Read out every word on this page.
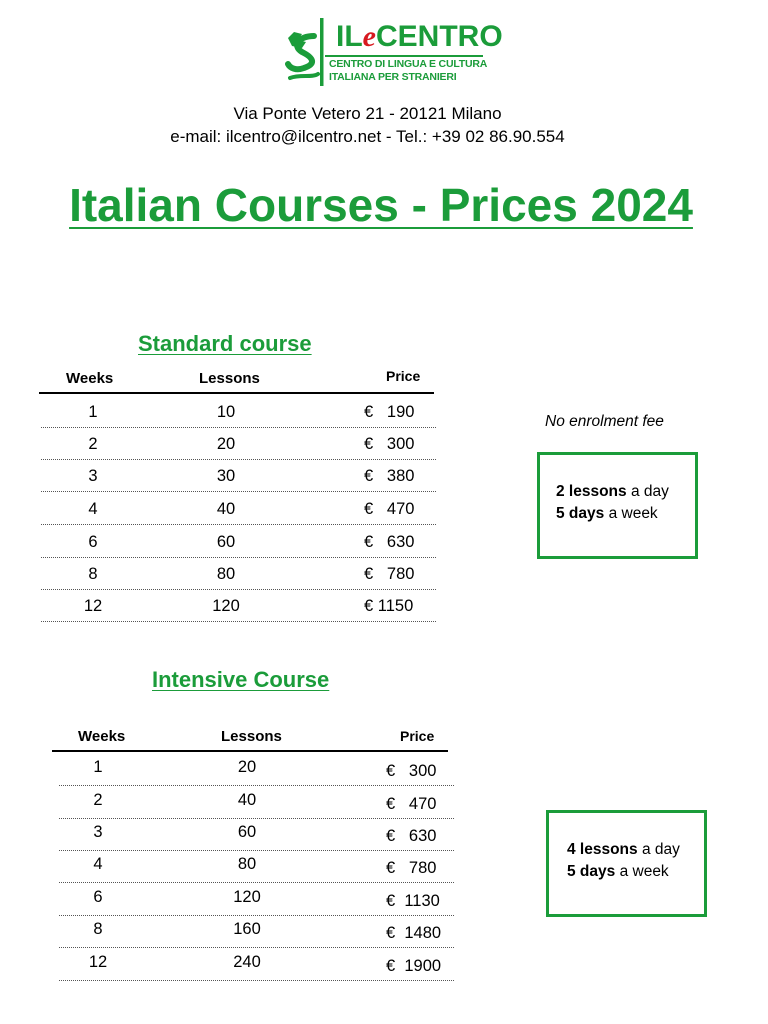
ILeCENTRO
CENTRO DI LINGUA E CULTURA
ITALIANA PER STRANIERI
Via Ponte Vetero 21 - 20121 Milano
e-mail: ilcentro@ilcentro.net - Tel.: +39 02 86.90.554
Italian Courses - Prices 2024
Standard course
Weeks	Lessons	Price
1	10	€   190
2	20	€   300
3	30	€   380
4	40	€   470
6	60	€   630
8	80	€   780
12	120	€ 1150
No enrolment fee
2 lessons a day
5 days a week
Intensive Course
Weeks	Lessons	Price
1	20	€   300
2	40	€   470
3	60	€   630
4	80	€   780
6	120	€  1130
8	160	€  1480
12	240	€  1900
4 lessons a day
5 days a week
